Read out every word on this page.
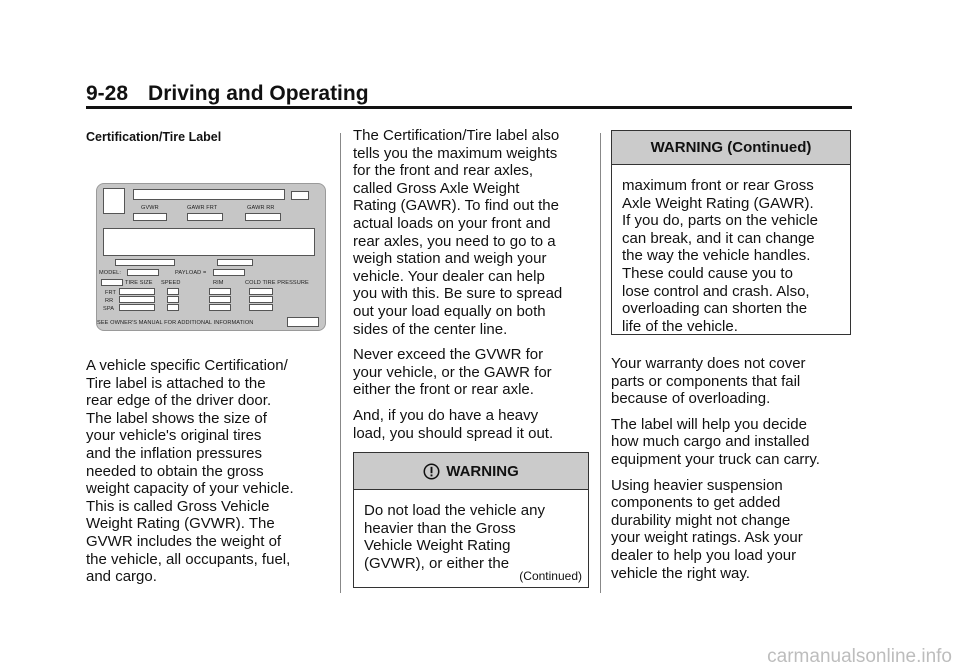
9-28 Driving and Operating
Certification/Tire Label
GVWR	GAWR FRT	GAWR RR
MODEL:	PAYLOAD =
TIRE SIZE SPEED	RIM	COLD TIRE PRESSURE
FRT
RR
SPA
SEE OWNER'S MANUAL FOR ADDITIONAL INFORMATION

A vehicle specific Certification/
Tire label is attached to the
rear edge of the driver door.
The label shows the size of
your vehicle's original tires
and the inflation pressures
needed to obtain the gross
weight capacity of your vehicle.
This is called Gross Vehicle
Weight Rating (GVWR). The
GVWR includes the weight of
the vehicle, all occupants, fuel,
and cargo.

The Certification/Tire label also
tells you the maximum weights
for the front and rear axles,
called Gross Axle Weight
Rating (GAWR). To find out the
actual loads on your front and
rear axles, you need to go to a
weigh station and weigh your
vehicle. Your dealer can help
you with this. Be sure to spread
out your load equally on both
sides of the center line.

Never exceed the GVWR for
your vehicle, or the GAWR for
either the front or rear axle.

And, if you do have a heavy
load, you should spread it out.

WARNING
Do not load the vehicle any
heavier than the Gross
Vehicle Weight Rating
(GVWR), or either the
(Continued)
WARNING (Continued)
maximum front or rear Gross
Axle Weight Rating (GAWR).
If you do, parts on the vehicle
can break, and it can change
the way the vehicle handles.
These could cause you to
lose control and crash. Also,
overloading can shorten the
life of the vehicle.

Your warranty does not cover
parts or components that fail
because of overloading.

The label will help you decide
how much cargo and installed
equipment your truck can carry.

Using heavier suspension
components to get added
durability might not change
your weight ratings. Ask your
dealer to help you load your
vehicle the right way.

carmanualsonline.info
